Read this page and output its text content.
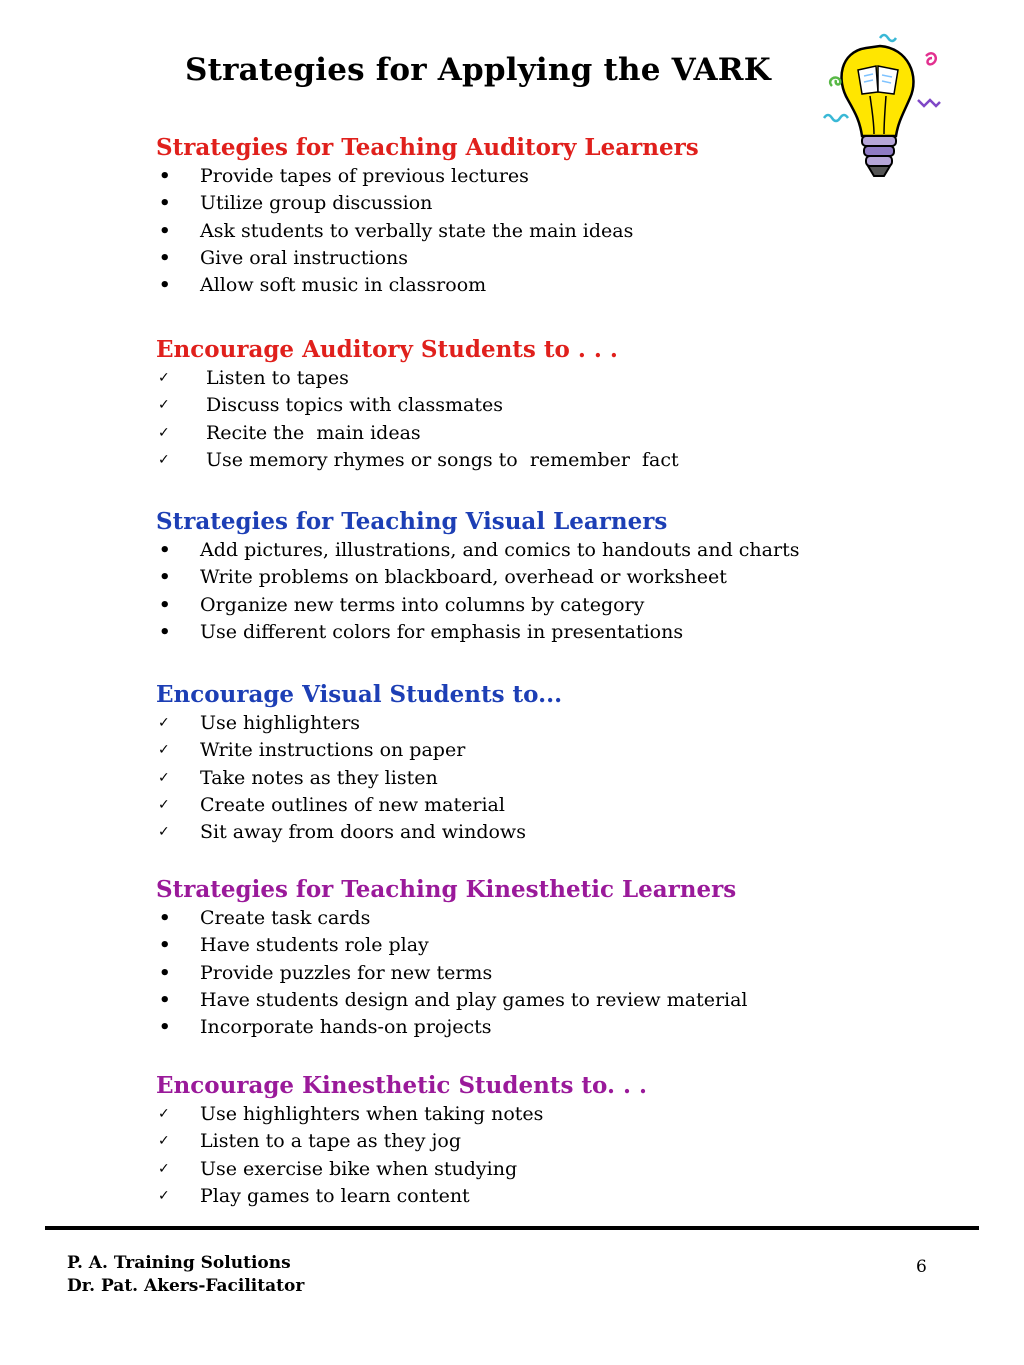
Strategies for Applying the VARK
Strategies for Teaching Auditory Learners
•	Provide tapes of previous lectures
•	Utilize group discussion
•	Ask students to verbally state the main ideas
•	Give oral instructions
•	Allow soft music in classroom
Encourage Auditory Students to . . .
✓	Listen to tapes
✓	Discuss topics with classmates
✓	Recite the  main ideas
✓	Use memory rhymes or songs to  remember  fact
Strategies for Teaching Visual Learners
•	Add pictures, illustrations, and comics to handouts and charts
•	Write problems on blackboard, overhead or worksheet
•	Organize new terms into columns by category
•	Use different colors for emphasis in presentations
Encourage Visual Students to...
✓	Use highlighters
✓	Write instructions on paper
✓	Take notes as they listen
✓	Create outlines of new material
✓	Sit away from doors and windows
Strategies for Teaching Kinesthetic Learners
•	Create task cards
•	Have students role play
•	Provide puzzles for new terms
•	Have students design and play games to review material
•	Incorporate hands-on projects
Encourage Kinesthetic Students to. . .
✓	Use highlighters when taking notes
✓	Listen to a tape as they jog
✓	Use exercise bike when studying
✓	Play games to learn content
P. A. Training Solutions
Dr. Pat. Akers-Facilitator
6
